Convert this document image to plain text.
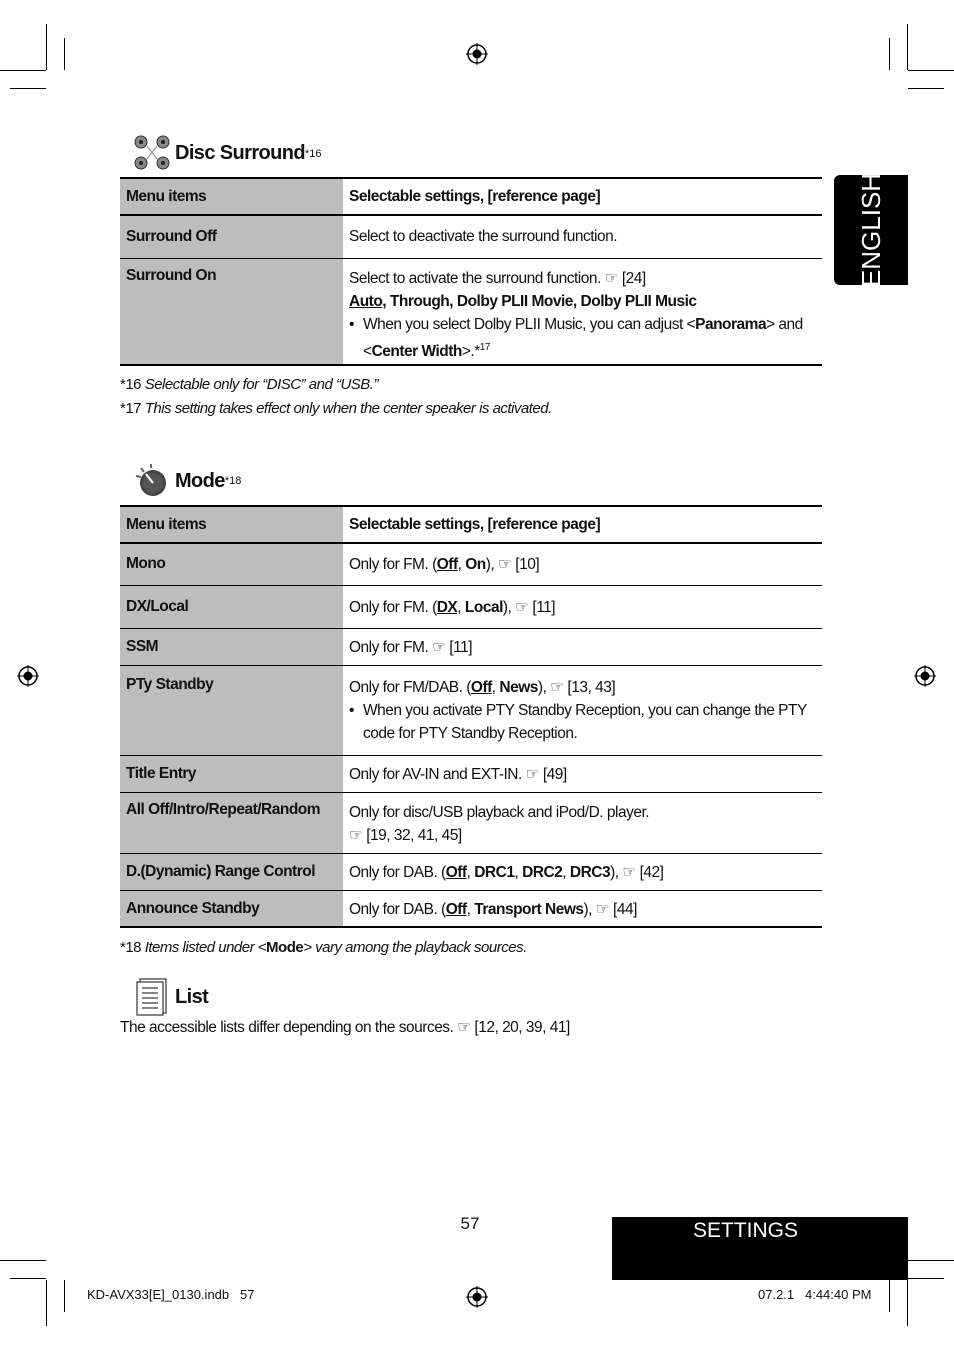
ENGLISH
Disc Surround *16
Menu items	Selectable settings, [reference page]
Surround Off	Select to deactivate the surround function.
Surround On	Select to activate the surround function. ☞ [24]
Auto, Through, Dolby PLII Movie, Dolby PLII Music
• When you select Dolby PLII Music, you can adjust <Panorama> and <Center Width>.*$^{17}$
*16 Selectable only for “DISC” and “USB.”
*17 This setting takes effect only when the center speaker is activated.
Mode *18
Menu items	Selectable settings, [reference page]
Mono	Only for FM. (Off, On), ☞ [10]
DX/Local	Only for FM. (DX, Local), ☞ [11]
SSM	Only for FM. ☞ [11]
PTy Standby	Only for FM/DAB. (Off, News), ☞ [13, 43]
• When you activate PTY Standby Reception, you can change the PTY code for PTY Standby Reception.

Title Entry	Only for AV-IN and EXT-IN. ☞ [49]
All Off/Intro/Repeat/Random	Only for disc/USB playback and iPod/D. player.
☞ [19, 32, 41, 45]

D.(Dynamic) Range Control	Only for DAB. (Off, DRC1, DRC2, DRC3), ☞ [42]
Announce Standby	Only for DAB. (Off, Transport News), ☞ [44]
*18 Items listed under <Mode> vary among the playback sources.
List
The accessible lists differ depending on the sources. ☞ [12, 20, 39, 41]
57	SETTINGS
KD-AVX33[E]_0130.indb   57	07.2.1   4:44:40 PM
